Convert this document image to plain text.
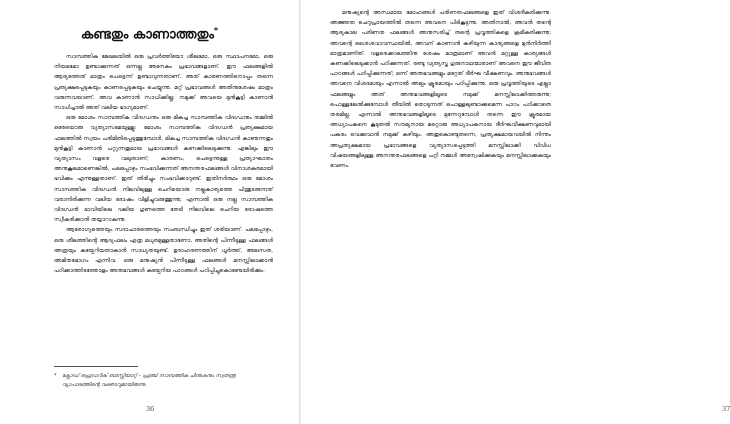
കണ്ടതും കാണാത്തതും*

സാമ്പത്തിക മേഖലയിൽ ഒരു പ്രവർത്തിയോ ശീലമോ, ഒരു സ്ഥാപനമോ, ഒരു നിയമമോ ഉണ്ടാക്കുന്നത് ഒന്നല്ല അനേകം പ്രഭാവങ്ങളാണ്. ഈ ഫലങ്ങളിൽ ആദ്യത്തേത് മാത്രം പെട്ടെന്ന് ഉണ്ടാവുന്നതാണ്. അത് കാരണത്തിനൊപ്പം തന്നെ പ്രത്യക്ഷപ്പെടുകയും കാണപ്പെടുകയും ചെയ്യുന്നു. മറ്റ് പ്രഭാവങ്ങൾ അതിനുശേഷം മാത്രം വരുന്നവയാണ്. അവ കാണാൻ സാധിക്കില്ല; നമുക്ക് അവയെ മുൻകൂട്ടി കാണാൻ സാധിച്ചാൽ അത് വലിയ ഭാഗ്യമാണ്.

ഒരു മോശം സാമ്പത്തിക വിദഗ്ധനും ഒരു മികച്ച സാമ്പത്തിക വിദഗ്ധനും തമ്മിൽ ഒരേയൊരു വ്യത്യാസമേയുള്ളൂ: മോശം സാമ്പത്തിക വിദഗ്ധൻ പ്രത്യക്ഷമായ ഫലത്തിൽ സ്വയം പരിമിതിപ്പെടുത്തുമ്പോൾ, മികച്ച സാമ്പത്തിക വിദഗ്ധൻ കാണുന്നതും മുൻകൂട്ടി കാണാൻ പറ്റുന്നതുമായ പ്രഭാവങ്ങൾ കണക്കിലെടുക്കുന്നു. എങ്കിലും ഈ വ്യത്യാസം വളരെ വലുതാണ്; കാരണം, പെട്ടെന്നുള്ള പ്രത്യാഘാതം അനുകൂലമാണെങ്കിൽ, പലപ്പോഴും സംഭവിക്കുന്നത് അനന്തരഫലങ്ങൾ വിനാശകരമായി ഭവിക്കും എന്നുള്ളതാണ്. ഇത് തിരിച്ചും സംഭവിക്കാറുണ്ട്. ഇതിനർത്ഥം ഒരു മോശം സാമ്പത്തിക വിദഗ്ധൻ നിലവിലുള്ള ചെറിയൊരു നല്ലകാര്യത്തെ പിന്തുടരുന്നത് വരാനിരിക്കുന്ന വലിയ ദോഷം വിളിച്ചുവരുത്തുന്നു; എന്നാൽ ഒരു നല്ല സാമ്പത്തിക വിദഗ്ധൻ ഭാവിയിലെ വലിയ ഗുണത്തെ തേടി നിലവിലെ ചെറിയ ദോഷത്തെ സ്വീകരിക്കാൻ തയ്യാറാകുന്നു.

ആരോഗ്യത്തെയും സദാചാരത്തെയും സംബന്ധിച്ചും ഇത് ശരിയാണ്. പലപ്പോഴും, ഒരു ശീലത്തിന്റെ ആദ്യഫലം എത്ര മധുരമുള്ളതാണോ, അതിന്റെ പിന്നീടുള്ള ഫലങ്ങൾ അത്രയും കയ്പേറിയതാകാൻ സാധ്യതയുണ്ട്. ഉദാഹരണത്തിന് ധൂർത്ത്, അലസത, അമിതഭോഗം എന്നിവ. ഒരു മനുഷ്യൻ പിന്നീടുള്ള ഫലങ്ങൾ മനസ്സിലാക്കാൻ പഠിക്കാത്തിടത്തോളം അനുഭവങ്ങൾ കയ്പേറിയ പാഠങ്ങൾ പഠിപ്പിച്ചുകൊണ്ടേയിരിക്കും.

* ക്ലോഡ് ഫ്രെഡറിക് ബാസ്റ്റിയാറ്റ് – ഫ്രഞ്ച് സാമ്പത്തിക ചിന്തകനും സ്വതന്ത്ര വ്യാപാരത്തിന്റെ വക്താവുമായിരുന്നു.
36

മനുഷ്യന്റെ അന്ധമായ മോഹങ്ങൾ പരിണതഫലങ്ങളെ ഇത് വിശദീകരിക്കുന്നു. അജ്ഞത ചെറുപ്രായത്തിൽ തന്നെ അവനെ പിടികൂടുന്നു. അതിനാൽ, അവൻ തന്റെ ആദ്യകാല പരിണത ഫലങ്ങൾ അനുസരിച്ച് തന്റെ പ്രവൃത്തികളെ ക്രമീകരിക്കുന്നു; അവന്റെ ശൈശവാവസ്ഥയിൽ, അവന് കാണാൻ കഴിയുന്ന കാര്യങ്ങളെ മുൻനിർത്തി മാത്രമാണിത്. വളരെക്കാലത്തിനു ശേഷം മാത്രമാണ് അവൻ മറ്റുള്ള കാര്യങ്ങൾ കണക്കിലെടുക്കാൻ പഠിക്കുന്നത്. രണ്ടു വ്യത്യസ്ത ഗുരുനാഥന്മാരാണ് അവനെ ഈ ജീവിത പാഠങ്ങൾ പഠിപ്പിക്കുന്നത്; ഒന്ന് അനുഭവങ്ങളും മറ്റേത് ദീർഘ വീക്ഷണവും. അനുഭവങ്ങൾ അവനെ വിശദമായും എന്നാൽ അല്പം ക്രൂരമായും പഠിപ്പിക്കുന്നു. ഒരു പ്രവൃത്തിയുടെ എല്ലാ ഫലങ്ങളും അത് അനുഭവങ്ങളിലൂടെ നമുക്ക് മനസ്സിലാക്കിത്തരുന്നു; പൊള്ളലേൽക്കുമ്പോൾ തീയിൽ തൊടുന്നത് പൊള്ളലുണ്ടാക്കുമെന്ന പാഠം പഠിക്കാതെ തരമില്ല. എന്നാൽ അനുഭവങ്ങളിലൂടെ മുന്നേറുമ്പോൾ തന്നെ ഈ ക്രൂരമായ അധ്യാപകനെ കൂടുതൽ സൗമ്യനായ മറ്റൊരു അധ്യാപകനായ ദീർഘവീക്ഷണവുമായി പകരം വെക്കുവാൻ നമുക്ക് കഴിയും. അതുകൊണ്ടുതന്നെ, പ്രത്യക്ഷമായവയിൽ നിന്നും അപ്രത്യക്ഷമായ പ്രഭാവങ്ങളെ വ്യത്യാസപ്പെടുത്തി മനസ്സിലാക്കി വിവിധ വിഷയങ്ങളിലുള്ള അനന്തരഫലങ്ങളെ പറ്റി നമ്മൾ അന്വേഷിക്കുകയും മനസ്സിലാക്കുകയും വേണം.

37
